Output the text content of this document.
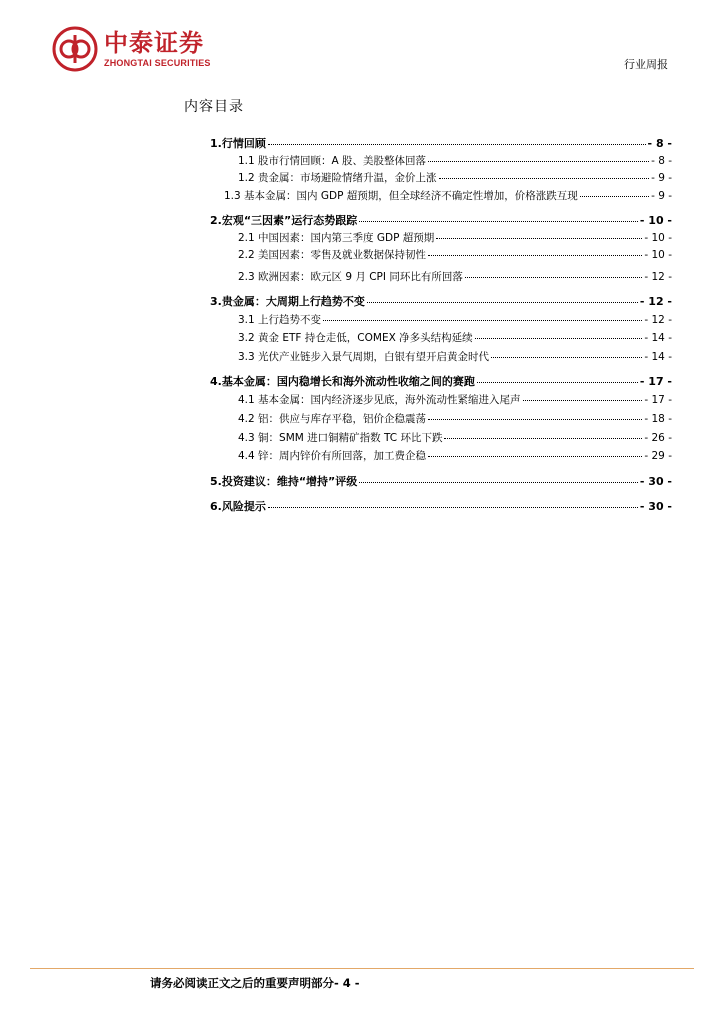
中泰证券
ZHONGTAI SECURITIES	行业周报
内容目录
1.行情回顾	- 8 -
1.1 股市行情回顾：A 股、美股整体回落	- 8 -
1.2 贵金属：市场避险情绪升温，金价上涨	- 9 -
1.3 基本金属：国内 GDP 超预期，但全球经济不确定性增加，价格涨跌互现	- 9 -
2.宏观“三因素”运行态势跟踪	- 10 -
2.1 中国因素：国内第三季度 GDP 超预期	- 10 -
2.2 美国因素：零售及就业数据保持韧性	- 10 -
2.3 欧洲因素：欧元区 9 月 CPI 同环比有所回落	- 12 -
3.贵金属：大周期上行趋势不变	- 12 -
3.1 上行趋势不变	- 12 -
3.2 黄金 ETF 持仓走低，COMEX 净多头结构延续	- 14 -
3.3 光伏产业链步入景气周期，白银有望开启黄金时代	- 14 -
4.基本金属：国内稳增长和海外流动性收缩之间的赛跑	- 17 -
4.1 基本金属：国内经济逐步见底，海外流动性紧缩进入尾声	- 17 -
4.2 铝：供应与库存平稳，铝价企稳震荡	- 18 -
4.3 铜：SMM 进口铜精矿指数 TC 环比下跌	- 26 -
4.4 锌：周内锌价有所回落，加工费企稳	- 29 -
5.投资建议：维持“增持”评级	- 30 -
6.风险提示	- 30 -
请务必阅读正文之后的重要声明部分- 4 -
